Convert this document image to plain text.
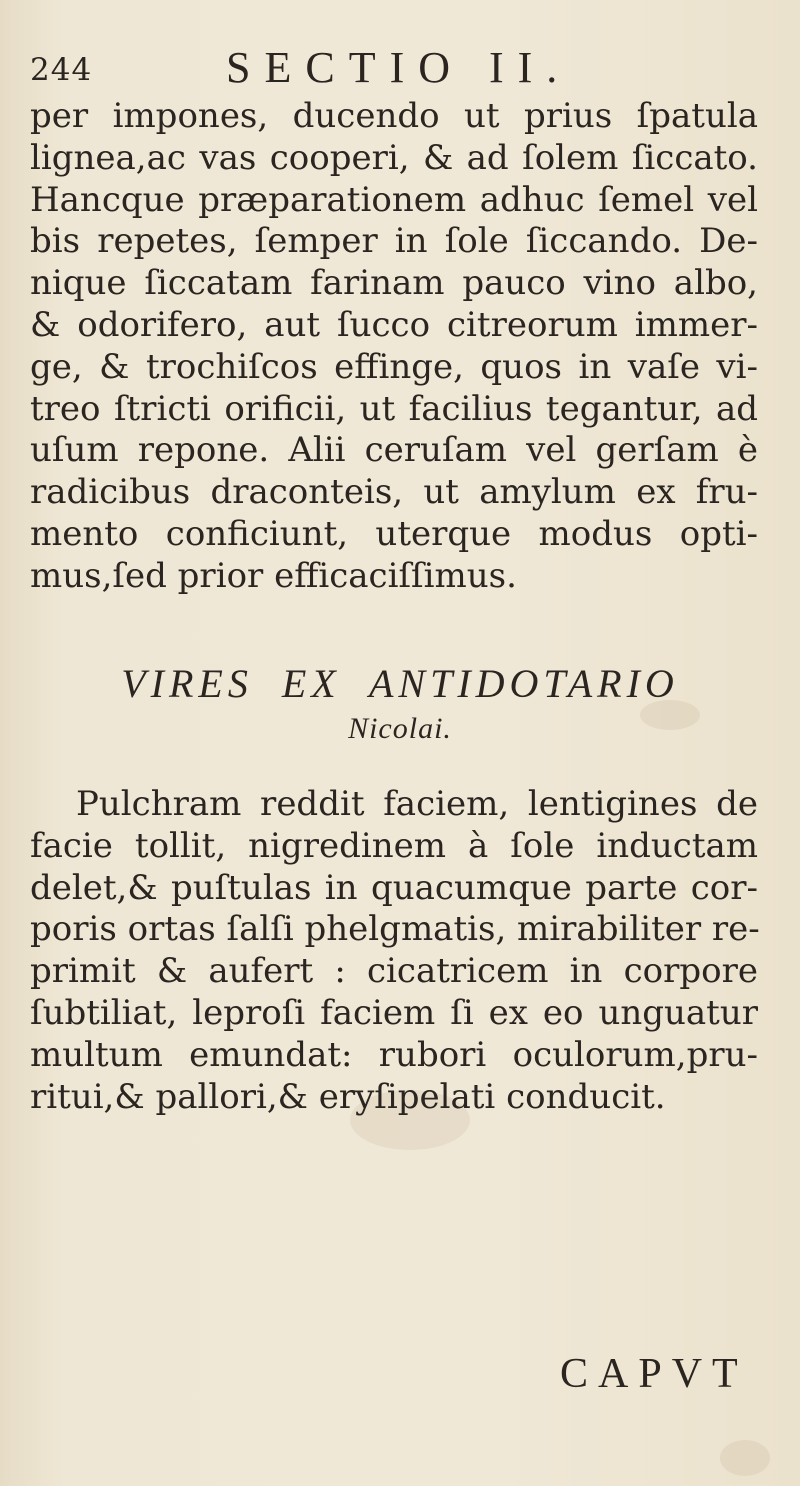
244	SECTIO II.
per impones, ducendo ut prius ſpatula
lignea,ac vas cooperi, & ad ſolem ſiccato.
Hancque præparationem adhuc ſemel vel
bis repetes, ſemper in ſole ſiccando. De-
nique ſiccatam farinam pauco vino albo,
& odorifero, aut ſucco citreorum immer-
ge, & trochiſcos effinge, quos in vaſe vi-
treo ſtricti orificii, ut facilius tegantur, ad
uſum repone. Alii ceruſam vel gerſam è
radicibus draconteis, ut amylum ex fru-
mento conficiunt, uterque modus opti-
mus,ſed prior efficaciſſimus.
VIRES EX ANTIDOTARIO
Nicolai.
Pulchram reddit faciem, lentigines de
facie tollit, nigredinem à ſole inductam
delet,& puſtulas in quacumque parte cor-
poris ortas ſalſi phelgmatis, mirabiliter re-
primit & aufert : cicatricem in corpore
ſubtiliat, leproſi faciem ſi ex eo unguatur
multum emundat: rubori oculorum,pru-
ritui,& pallori,& eryſipelati conducit.
CAPVT
